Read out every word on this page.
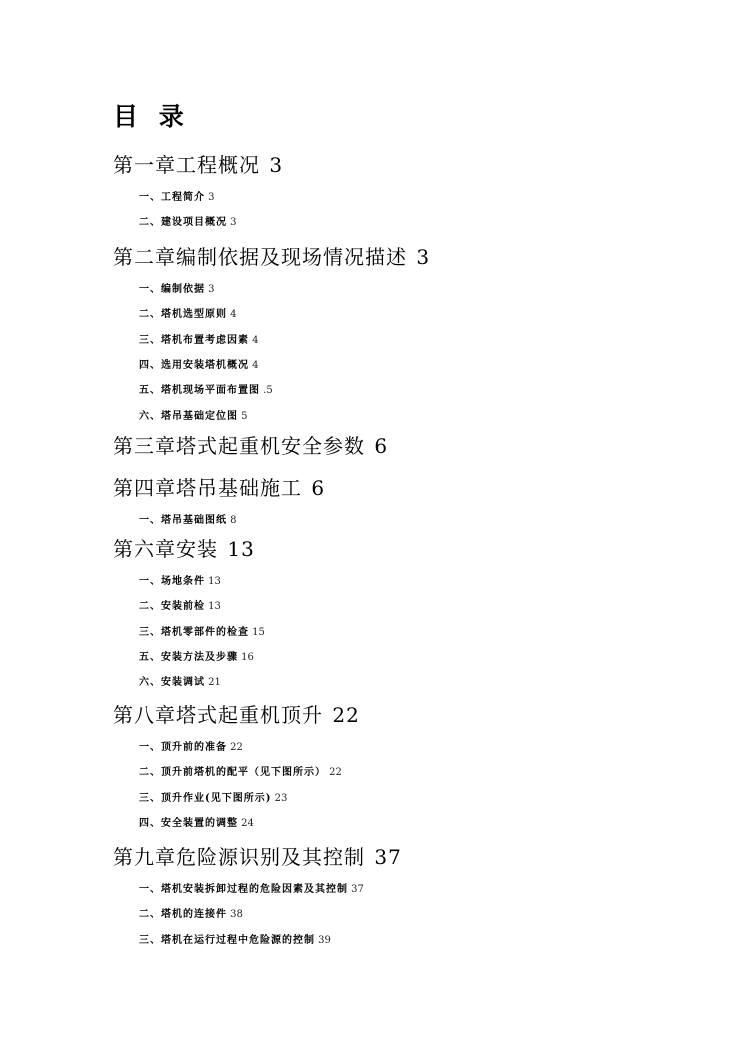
目 录
第一章工程概况 3
一、工程简介 3
二、建设项目概况 3
第二章编制依据及现场情况描述 3
一、编制依据 3
二、塔机选型原则 4
三、塔机布置考虑因素 4
四、选用安装塔机概况 4
五、塔机现场平面布置图 .5
六、塔吊基础定位图 5
第三章塔式起重机安全参数 6
第四章塔吊基础施工 6
一、塔吊基础图纸 8
第六章安装 13
一、场地条件 13
二、安装前检 13
三、塔机零部件的检查 15
五、安装方法及步骤 16
六、安装调试 21
第八章塔式起重机顶升 22
一、顶升前的准备 22
二、顶升前塔机的配平（见下图所示） 22
三、顶升作业(见下图所示) 23
四、安全装置的调整 24
第九章危险源识别及其控制 37
一、塔机安装拆卸过程的危险因素及其控制 37
二、塔机的连接件 38
三、塔机在运行过程中危险源的控制 39
